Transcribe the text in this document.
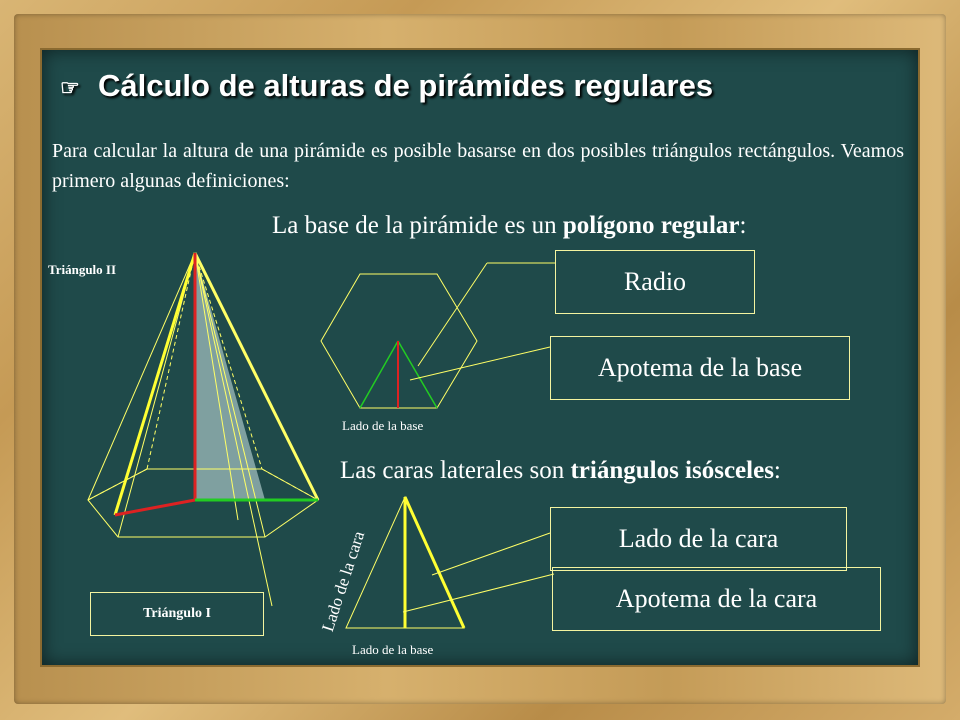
☞ Cálculo de alturas de pirámides regulares
Para calcular la altura de una pirámide es posible basarse en dos posibles triángulos rectángulos. Veamos primero algunas definiciones:
La base de la pirámide es un polígono regular:
Las caras laterales son triángulos isósceles:
Triángulo II
Triángulo I
Lado de la base
Lado de la base
Lado de la cara
Radio
Apotema de la base
Lado de la cara
Apotema de la cara
